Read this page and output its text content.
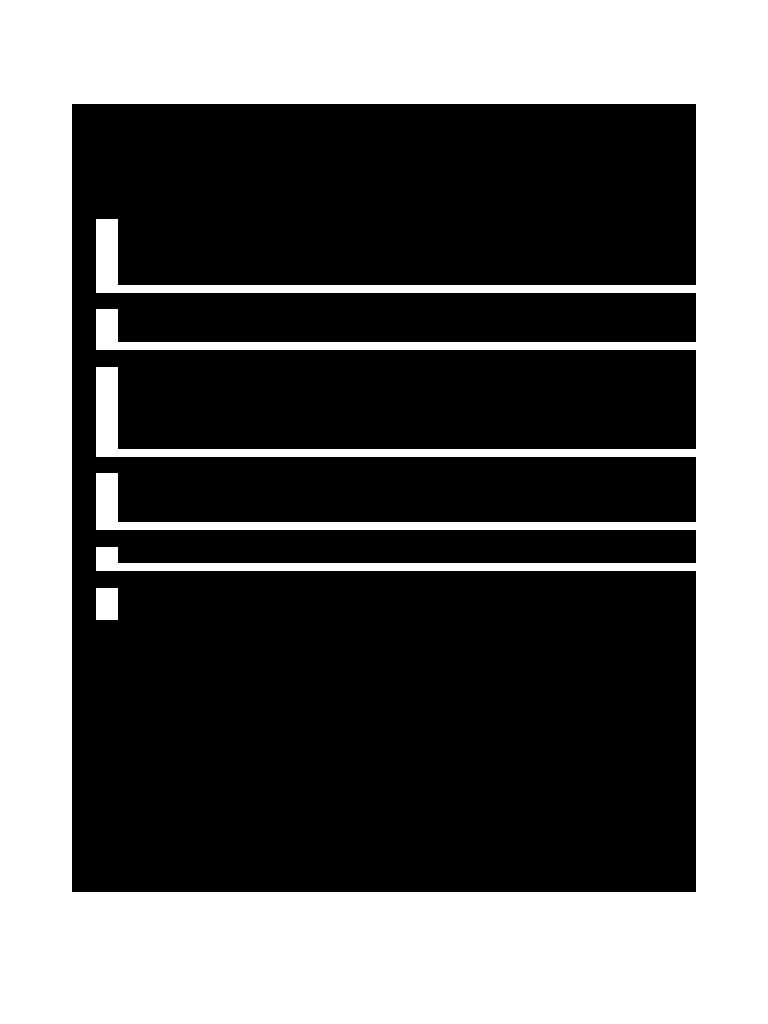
On the street, we refer to this as “buzz”, or street credibility. When your actions and behavior go beyond that of yourself and into a whole culture of the social circle, you in fact create a reputation that precedes you. How you manage this reputation affects your future interactions with the people who are part of this social sphere of influence.

There are several strategies for initiating the gossip factor in your favor:

1. Social Connectors – people who know other people can put in a good word for you. Party and social connectors, once they know you and like you, will spread good will. The party host, for example, who introduces you to everyone as the “cool guy from Google” or the “model from fashion week” goes a long way vs. you saying it yourself. In the contrary, a cold or inhospitable host can also do damage prior to your arrival.
2. Women Connectors – women who spread gossip of guys have more credibility in “girl-world”, so if you can befriend a levy of hot girls and treat them well, they will spread stories of you into girl-world. Do not underestimate the power of this effect.
3. Alliance of Hot Female Friends, or Influential Less Attractive Female Friends – sometimes very attractive women have more clout, while other times, a less attractive woman who runs her own company or has social power can spread rumors of you. Be aware of this, and try to befriend at least 3 super hot girls without trying to sleep with them in every new city. They will come in handy later on, and as a man in your prime, you can find sex elsewhere. Think long-term
4. Helping Out A Guy – sometimes a guy in need of help whether socially or professionally will speak of you highly, if he is a man of integrity. You can also find “fans” who just like you as a dude and will say good things of you. Learn to recognize high value guys who are part-fans.
5. The Talker – Can be a guy or girl, usually talks a lot. All this person needs to do is to get to know you and he will talk of you.
6. Guy Alliance – Make a pact with your bros to only say good things of each other when no girls are present. This is important and generate a group vibe of reciprocity, instead of one of discontent and competition among friends.

What is Gossip?

Girls love to talk gossip and rumors. Why? It allows for a steady flow of social information (and misinformation) they can filter. Even if the information is untrue, they now have power to know what others think on a collective mass social scale. Based on behaviorial biologists: gossip to be an important means by which people can monitor cooperative reputations and so maintain widespread indirect reciprocity.

Best to start a gossip with a female friend, or have her be the start of the rumor so it is not traced back to you. In American Pie, Finch got Amanda to spread a rumor of him dating a cougar, being more sophisticated and all. In college, guys started a rumor about a super hottie that she was missing a toe. There are offensive and defensive rumors, designed to destroy someone as well as build them up beyond “legendary” status.

Once the sequence of pieces of information reaches the gossip mill and takes its turn, you just need to wait until someone brings it up, or ride the wave of your new status. Keep in
